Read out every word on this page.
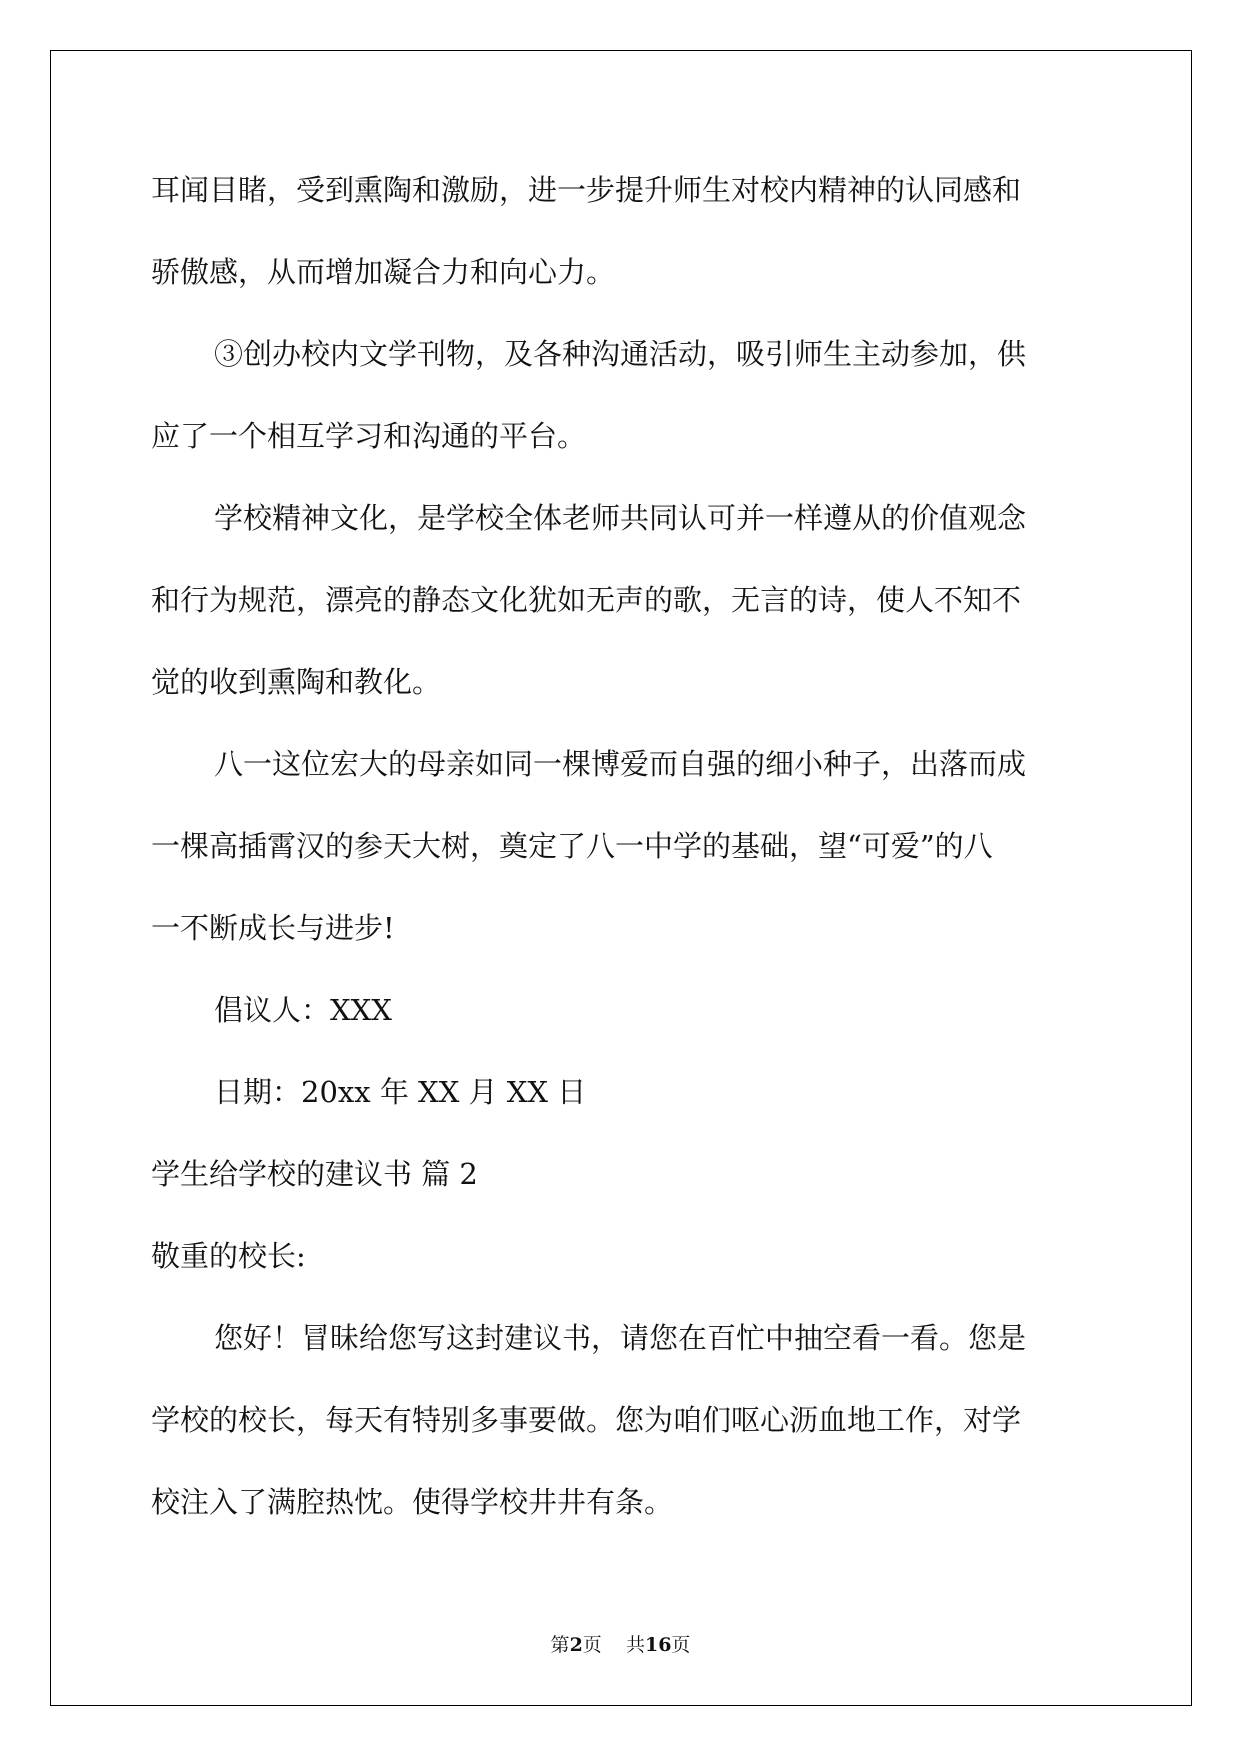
耳闻目睹，受到熏陶和激励，进一步提升师生对校内精神的认同感和
骄傲感，从而增加凝合力和向心力。
③创办校内文学刊物，及各种沟通活动，吸引师生主动参加，供
应了一个相互学习和沟通的平台。
学校精神文化，是学校全体老师共同认可并一样遵从的价值观念
和行为规范，漂亮的静态文化犹如无声的歌，无言的诗，使人不知不
觉的收到熏陶和教化。
八一这位宏大的母亲如同一棵博爱而自强的细小种子，出落而成
一棵高插霄汉的参天大树，奠定了八一中学的基础，望“可爱”的八
一不断成长与进步!
倡议人：XXX
日期：20xx 年 XX 月 XX 日
学生给学校的建议书 篇 2
敬重的校长:
您好！冒昧给您写这封建议书，请您在百忙中抽空看一看。您是
学校的校长，每天有特别多事要做。您为咱们呕心沥血地工作，对学
校注入了满腔热忱。使得学校井井有条。
第2页    共16页
